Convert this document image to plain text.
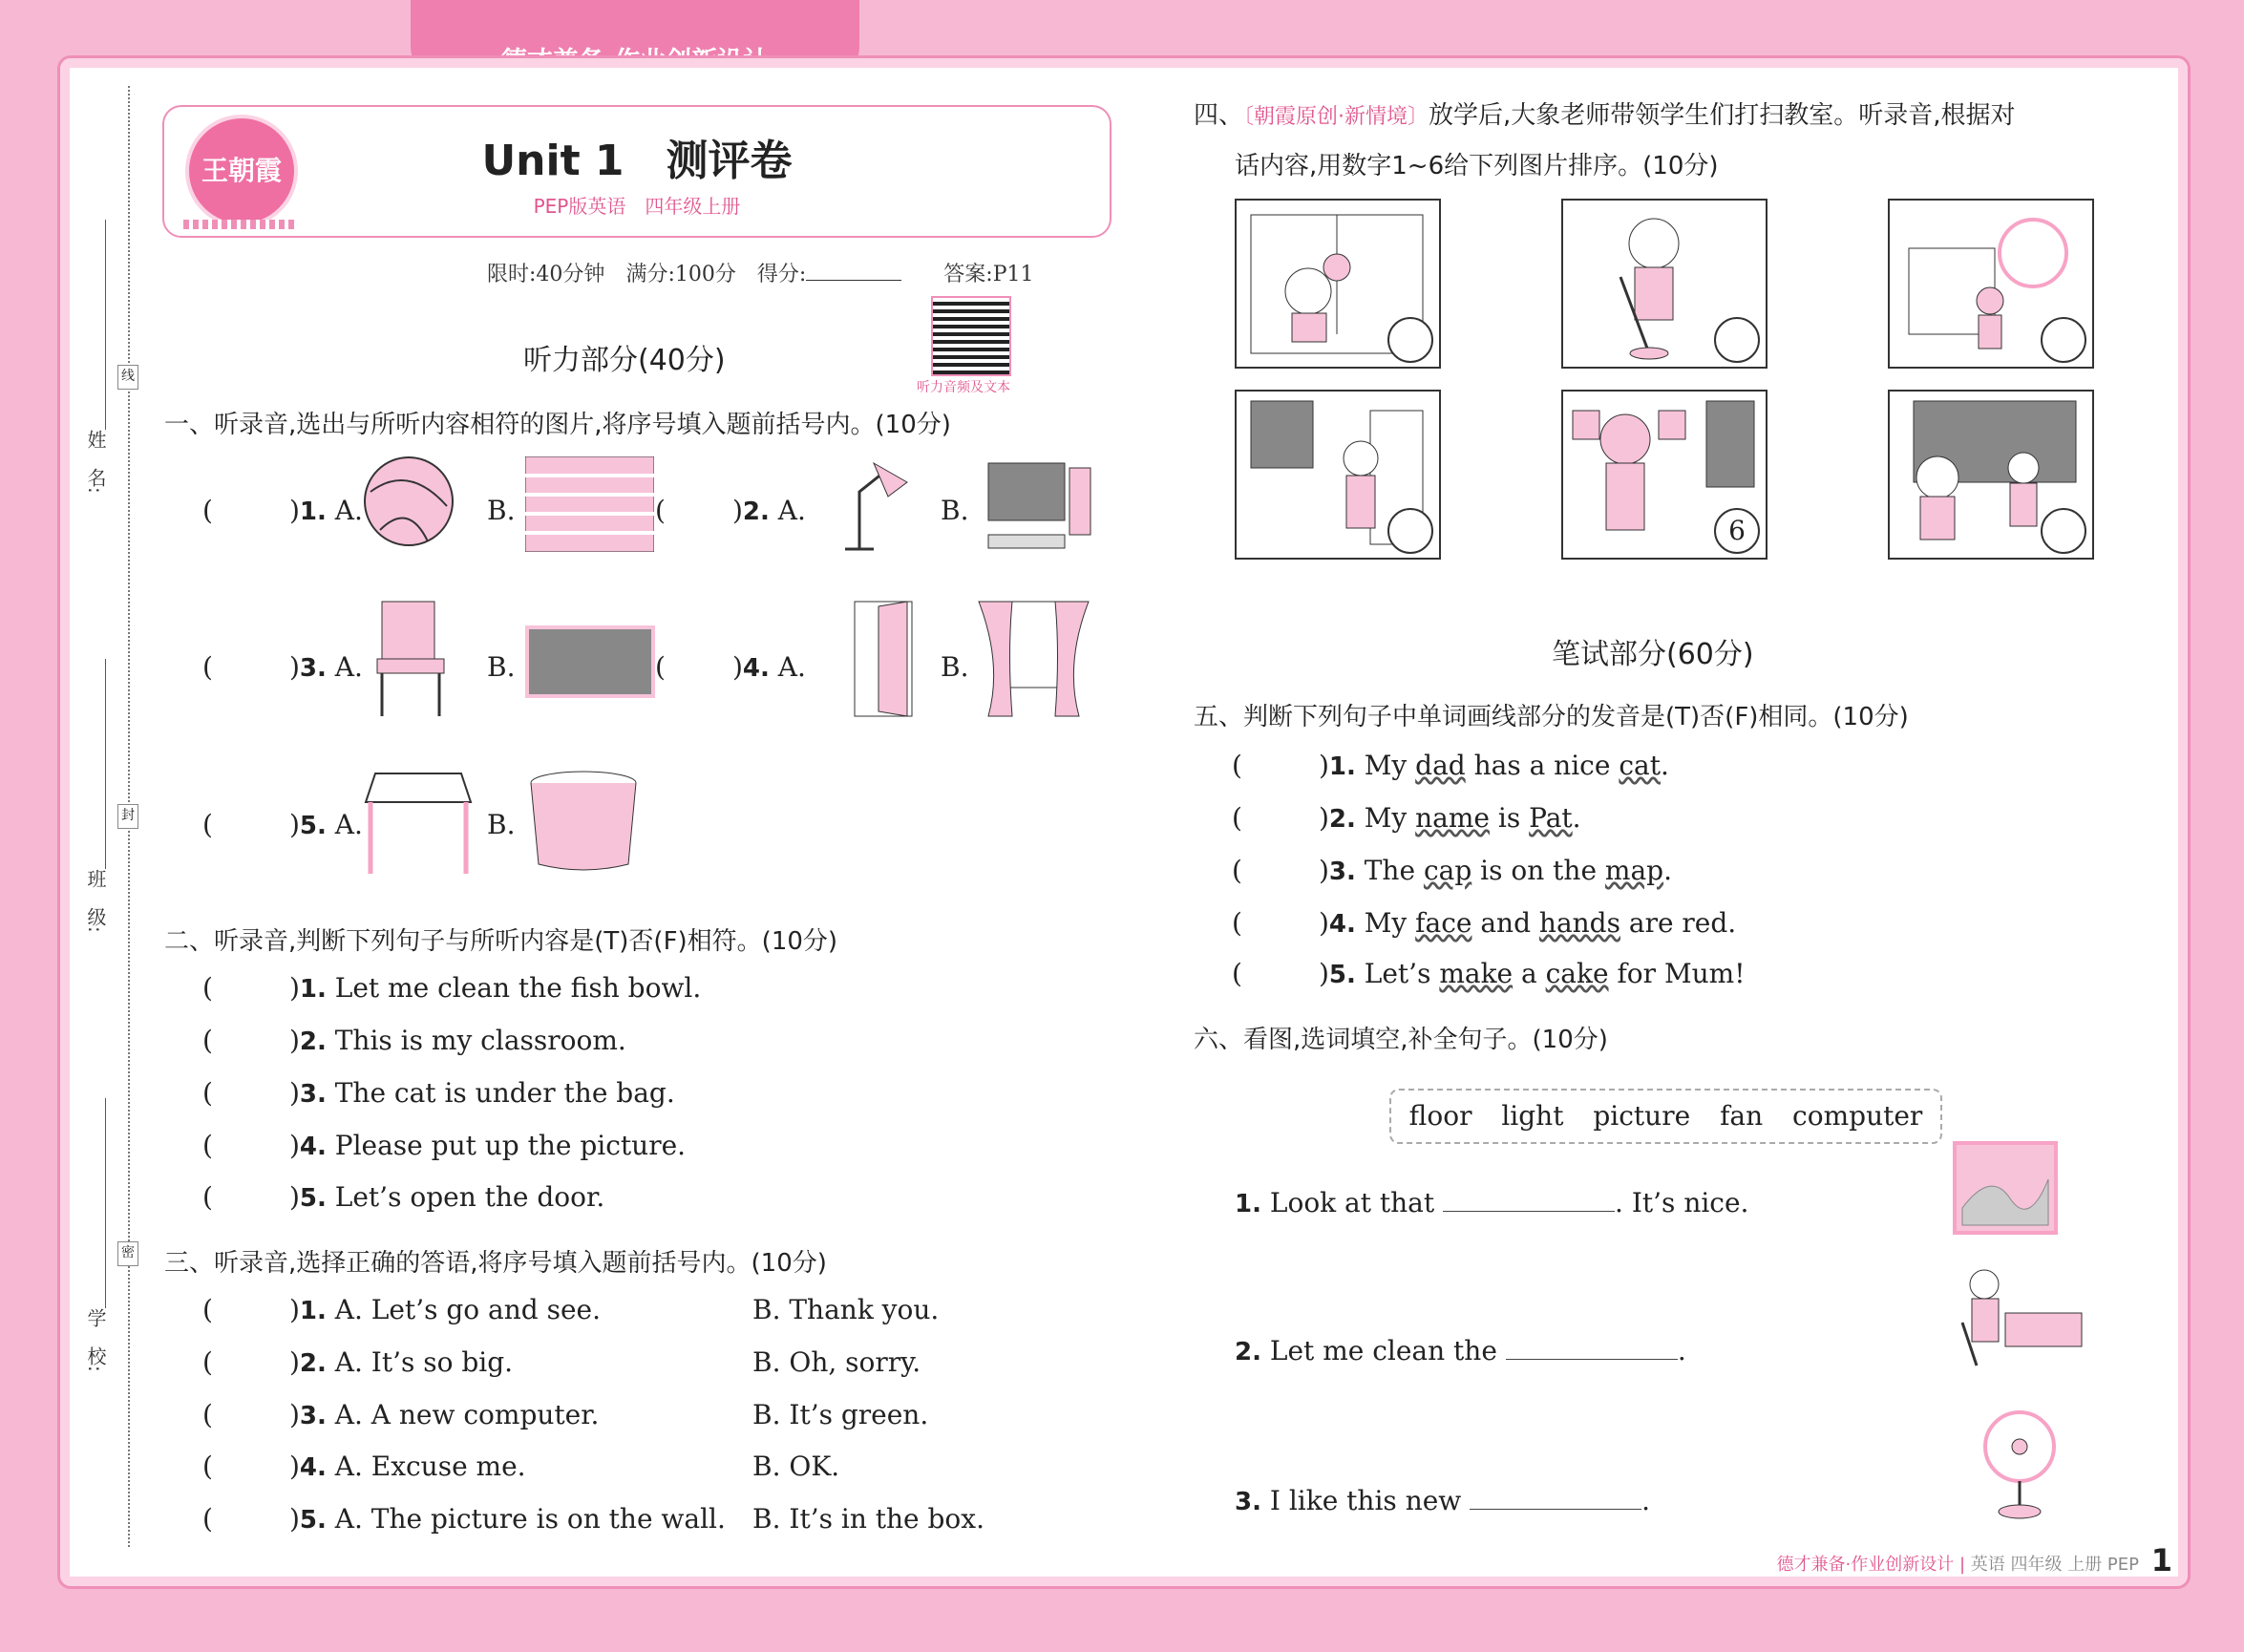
线
封
密
姓　名:
班　级:
学　校:
王朝霞	Unit 1　测评卷
PEP版英语　四年级上册
限时:40分钟　 满分:100分　 得分:　　	答案:P11
听力部分(40分)
听力音频及文本
一、听录音,选出与所听内容相符的图片,将序号填入题前括号内。(10分)
(	)1. A.	B.	(	)2. A.	B.
(	)3. A.	B.	(	)4. A.	B.
(	)5. A.	B.
二、听录音,判断下列句子与所听内容是(T)否(F)相符。(10分)
(	)1. Let me clean the fish bowl.
(	)2. This is my classroom.
(	)3. The cat is under the bag.
(	)4. Please put up the picture.
(	)5. Let’s open the door.
三、听录音,选择正确的答语,将序号填入题前括号内。(10分)
(	)1. A. Let’s go and see.	B. Thank you.
(	)2. A. It’s so big.	B. Oh, sorry.
(	)3. A. A new computer.	B. It’s green.
(	)4. A. Excuse me.	B. OK.
(	)5. A. The picture is on the wall. B. It’s in the box.
四、〔朝霞原创·新情境〕放学后,大象老师带领学生们打扫教室。听录音,根据对
话内容,用数字1~6给下列图片排序。(10分)
6
笔试部分(60分)
五、判断下列句子中单词画线部分的发音是(T)否(F)相同。(10分)
(	)1. My dad has a nice cat.
(	)2. My name is Pat.
(	)3. The cap is on the map.
(	)4. My face and hands are red.
(	)5. Let’s make a cake for Mum!
六、看图,选词填空,补全句子。(10分)
floor light picture fan computer
1. Look at that	. It’s nice.
2. Let me clean the	.
3. I like this new	.
德才兼备·作业创新设计 | 英语 四年级 上册 PEP 1
